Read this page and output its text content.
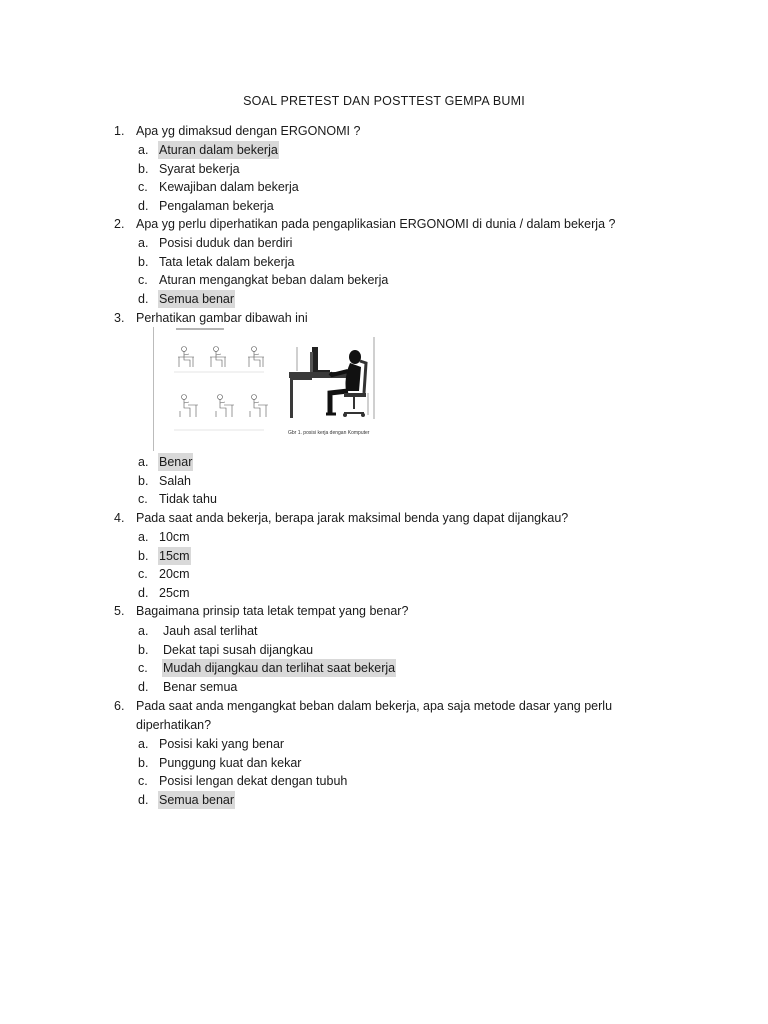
SOAL PRETEST DAN POSTTEST GEMPA BUMI
1. Apa yg dimaksud dengan ERGONOMI ?
a. Aturan dalam bekerja
b. Syarat bekerja
c. Kewajiban dalam bekerja
d. Pengalaman bekerja
2. Apa yg perlu diperhatikan pada pengaplikasian ERGONOMI di dunia / dalam bekerja ?
a. Posisi duduk dan berdiri
b. Tata letak dalam bekerja
c. Aturan mengangkat beban dalam bekerja
d. Semua benar
3. Perhatikan gambar dibawah ini
Gbr 1. posisi kerja dengan Komputer
a. Benar
b. Salah
c. Tidak tahu
4. Pada saat anda bekerja, berapa jarak maksimal benda yang dapat dijangkau?
a. 10cm
b. 15cm
c. 20cm
d. 25cm
5. Bagaimana prinsip tata letak tempat yang benar?
a. Jauh asal terlihat
b. Dekat tapi susah dijangkau
c. Mudah dijangkau dan terlihat saat bekerja
d. Benar semua
6. Pada saat anda mengangkat beban dalam bekerja, apa saja metode dasar yang perlu diperhatikan?
a. Posisi kaki yang benar
b. Punggung kuat dan kekar
c. Posisi lengan dekat dengan tubuh
d. Semua benar
